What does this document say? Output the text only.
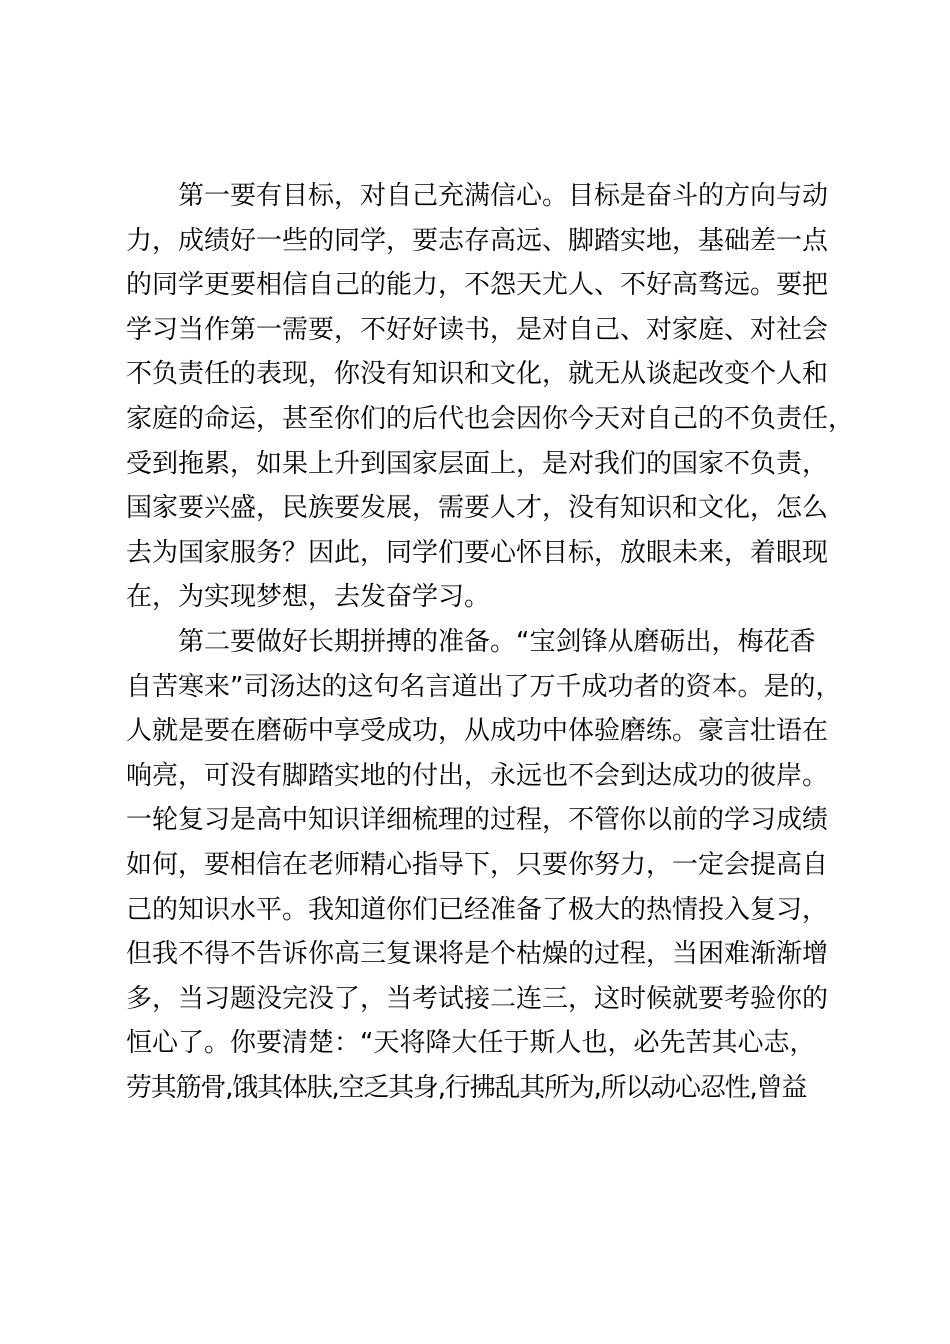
第一要有目标，对自己充满信心。目标是奋斗的方向与动
力，成绩好一些的同学，要志存高远、脚踏实地，基础差一点
的同学更要相信自己的能力，不怨天尤人、不好高骛远。要把
学习当作第一需要，不好好读书，是对自己、对家庭、对社会
不负责任的表现，你没有知识和文化，就无从谈起改变个人和
家庭的命运，甚至你们的后代也会因你今天对自己的不负责任，
受到拖累，如果上升到国家层面上，是对我们的国家不负责，
国家要兴盛，民族要发展，需要人才，没有知识和文化，怎么
去为国家服务？因此，同学们要心怀目标，放眼未来，着眼现
在，为实现梦想，去发奋学习。
第二要做好长期拼搏的准备。“宝剑锋从磨砺出，梅花香
自苦寒来”司汤达的这句名言道出了万千成功者的资本。是的，
人就是要在磨砺中享受成功，从成功中体验磨练。豪言壮语在
响亮，可没有脚踏实地的付出，永远也不会到达成功的彼岸。
一轮复习是高中知识详细梳理的过程，不管你以前的学习成绩
如何，要相信在老师精心指导下，只要你努力，一定会提高自
己的知识水平。我知道你们已经准备了极大的热情投入复习，
但我不得不告诉你高三复课将是个枯燥的过程，当困难渐渐增
多，当习题没完没了，当考试接二连三，这时候就要考验你的
恒心了。你要清楚：“天将降大任于斯人也，必先苦其心志，
劳其筋骨,饿其体肤,空乏其身,行拂乱其所为,所以动心忍性,曾益
